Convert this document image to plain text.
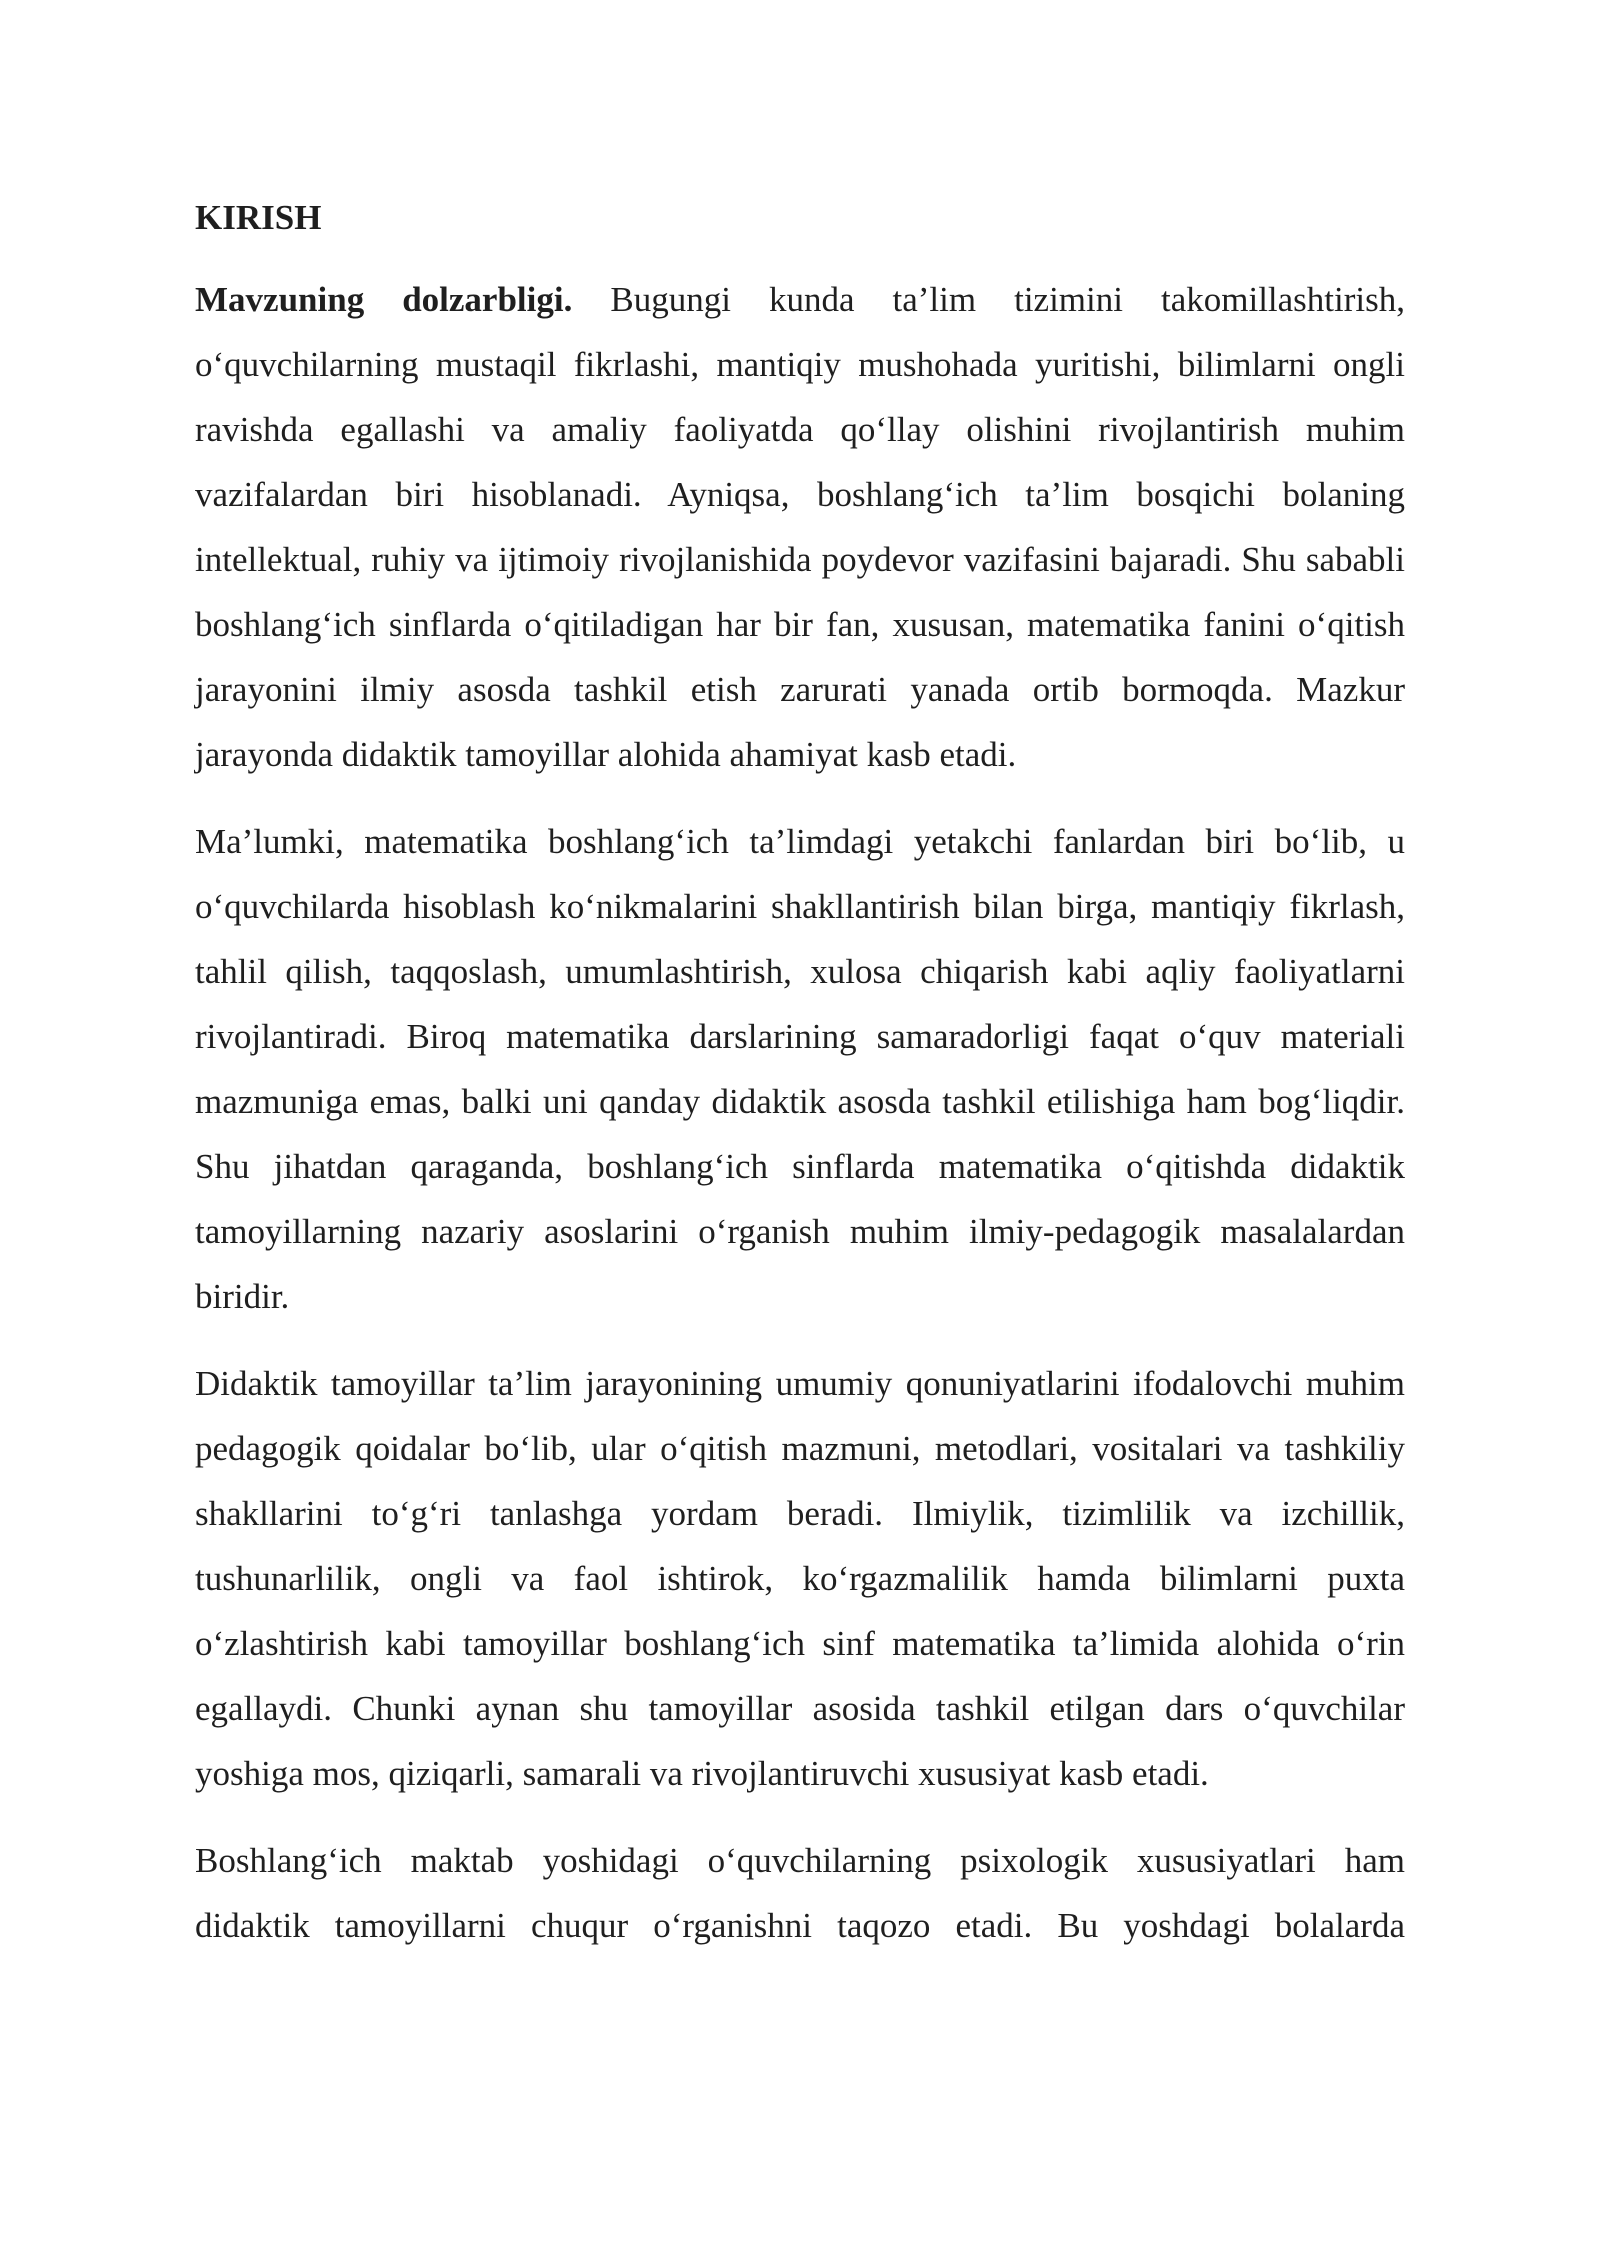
KIRISH

Mavzuning dolzarbligi. Bugungi kunda ta’lim tizimini takomillashtirish, o‘quvchilarning mustaqil fikrlashi, mantiqiy mushohada yuritishi, bilimlarni ongli ravishda egallashi va amaliy faoliyatda qo‘llay olishini rivojlantirish muhim vazifalardan biri hisoblanadi. Ayniqsa, boshlang‘ich ta’lim bosqichi bolaning intellektual, ruhiy va ijtimoiy rivojlanishida poydevor vazifasini bajaradi. Shu sababli boshlang‘ich sinflarda o‘qitiladigan har bir fan, xususan, matematika fanini o‘qitish jarayonini ilmiy asosda tashkil etish zarurati yanada ortib bormoqda. Mazkur jarayonda didaktik tamoyillar alohida ahamiyat kasb etadi.

Ma’lumki, matematika boshlang‘ich ta’limdagi yetakchi fanlardan biri bo‘lib, u o‘quvchilarda hisoblash ko‘nikmalarini shakllantirish bilan birga, mantiqiy fikrlash, tahlil qilish, taqqoslash, umumlashtirish, xulosa chiqarish kabi aqliy faoliyatlarni rivojlantiradi. Biroq matematika darslarining samaradorligi faqat o‘quv materiali mazmuniga emas, balki uni qanday didaktik asosda tashkil etilishiga ham bog‘liqdir. Shu jihatdan qaraganda, boshlang‘ich sinflarda matematika o‘qitishda didaktik tamoyillarning nazariy asoslarini o‘rganish muhim ilmiy-pedagogik masalalardan biridir.

Didaktik tamoyillar ta’lim jarayonining umumiy qonuniyatlarini ifodalovchi muhim pedagogik qoidalar bo‘lib, ular o‘qitish mazmuni, metodlari, vositalari va tashkiliy shakllarini to‘g‘ri tanlashga yordam beradi. Ilmiylik, tizimlilik va izchillik, tushunarlilik, ongli va faol ishtirok, ko‘rgazmalilik hamda bilimlarni puxta o‘zlashtirish kabi tamoyillar boshlang‘ich sinf matematika ta’limida alohida o‘rin egallaydi. Chunki aynan shu tamoyillar asosida tashkil etilgan dars o‘quvchilar yoshiga mos, qiziqarli, samarali va rivojlantiruvchi xususiyat kasb etadi.

Boshlang‘ich maktab yoshidagi o‘quvchilarning psixologik xususiyatlari ham didaktik tamoyillarni chuqur o‘rganishni taqozo etadi. Bu yoshdagi bolalarda
